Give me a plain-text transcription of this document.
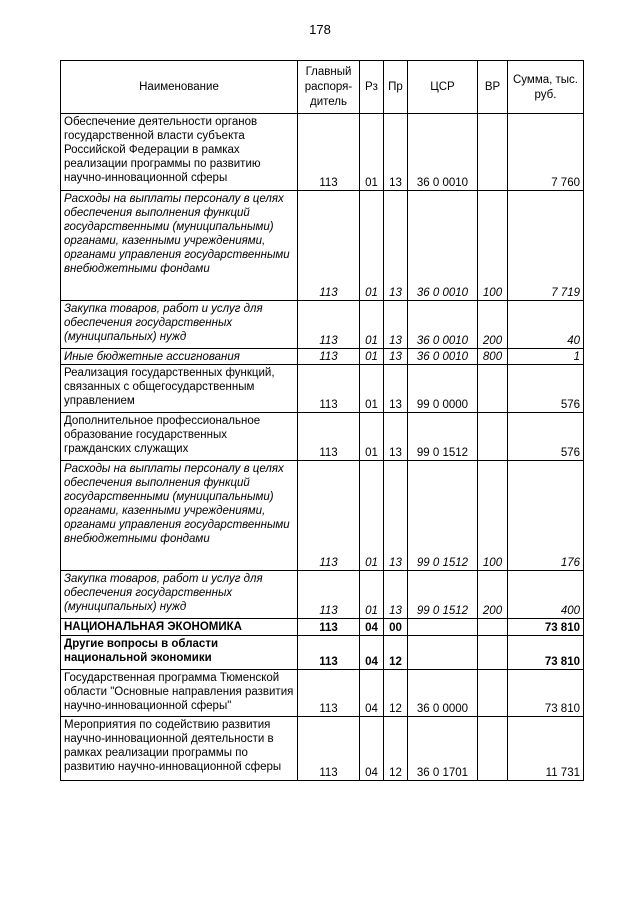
178
Наименование	Главный распоря-дитель	Рз	Пр	ЦСР	ВР	Сумма, тыс. руб.
Обеспечение деятельности органов государственной власти субъекта Российской Федерации в рамках реализации программы по развитию научно-инновационной сферы	113	01	13	36 0 0010		7 760
Расходы на выплаты персоналу в целях обеспечения выполнения функций государственными (муниципальными) органами, казенными учреждениями, органами управления государственными внебюджетными фондами	113	01	13	36 0 0010	100	7 719
Закупка товаров, работ и услуг для обеспечения государственных (муниципальных) нужд	113	01	13	36 0 0010	200	40
Иные бюджетные ассигнования	113	01	13	36 0 0010	800	1
Реализация государственных функций, связанных с общегосударственным управлением	113	01	13	99 0 0000		576
Дополнительное профессиональное образование государственных гражданских служащих	113	01	13	99 0 1512		576
Расходы на выплаты персоналу в целях обеспечения выполнения функций государственными (муниципальными) органами, казенными учреждениями, органами управления государственными внебюджетными фондами	113	01	13	99 0 1512	100	176
Закупка товаров, работ и услуг для обеспечения государственных (муниципальных) нужд	113	01	13	99 0 1512	200	400
НАЦИОНАЛЬНАЯ ЭКОНОМИКА	113	04	00			73 810
Другие вопросы в области национальной экономики	113	04	12			73 810
Государственная программа Тюменской области "Основные направления развития научно-инновационной сферы"	113	04	12	36 0 0000		73 810
Мероприятия по содействию развития научно-инновационной деятельности в рамках реализации программы по развитию научно-инновационной сферы	113	04	12	36 0 1701		11 731
